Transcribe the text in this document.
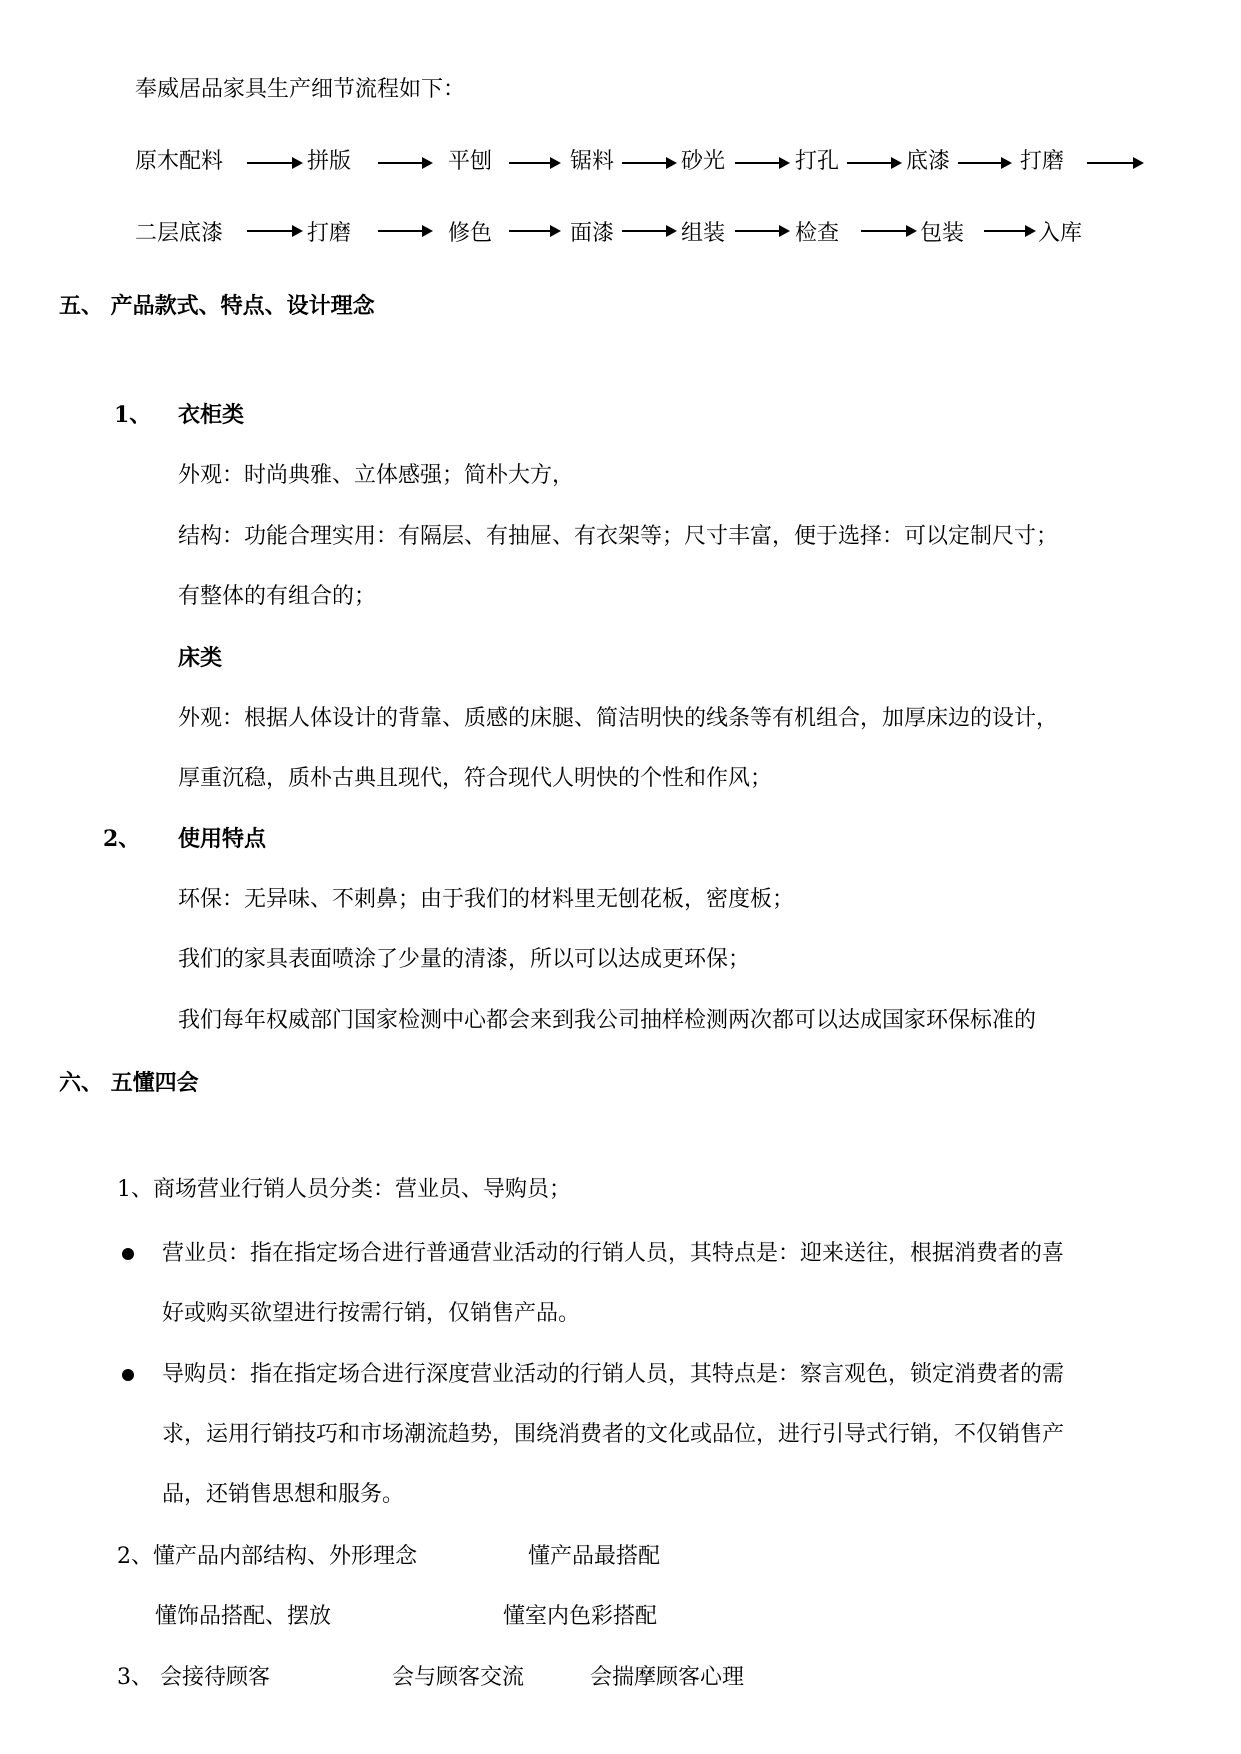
奉威居品家具生产细节流程如下：
原木配料	拼版	平刨	锯料	砂光	打孔	底漆	打磨
二层底漆	打磨	修色	面漆	组装	检查	包装	入库
五、 产品款式、特点、设计理念
1、 衣柜类
外观：时尚典雅、立体感强；简朴大方，
结构：功能合理实用：有隔层、有抽屉、有衣架等；尺寸丰富，便于选择：可以定制尺寸；
有整体的有组合的；
床类
外观：根据人体设计的背靠、质感的床腿、简洁明快的线条等有机组合，加厚床边的设计，
厚重沉稳，质朴古典且现代，符合现代人明快的个性和作风；
2、 使用特点
环保：无异味、不刺鼻；由于我们的材料里无刨花板，密度板；
我们的家具表面喷涂了少量的清漆，所以可以达成更环保；
我们每年权威部门国家检测中心都会来到我公司抽样检测两次都可以达成国家环保标准的
六、 五懂四会
1、商场营业行销人员分类：营业员、导购员；
营业员：指在指定场合进行普通营业活动的行销人员，其特点是：迎来送往，根据消费者的喜
好或购买欲望进行按需行销，仅销售产品。
导购员：指在指定场合进行深度营业活动的行销人员，其特点是：察言观色，锁定消费者的需
求，运用行销技巧和市场潮流趋势，围绕消费者的文化或品位，进行引导式行销，不仅销售产
品，还销售思想和服务。
2、懂产品内部结构、外形理念	懂产品最搭配
懂饰品搭配、摆放	懂室内色彩搭配
3、 会接待顾客	会与顾客交流	会揣摩顾客心理
